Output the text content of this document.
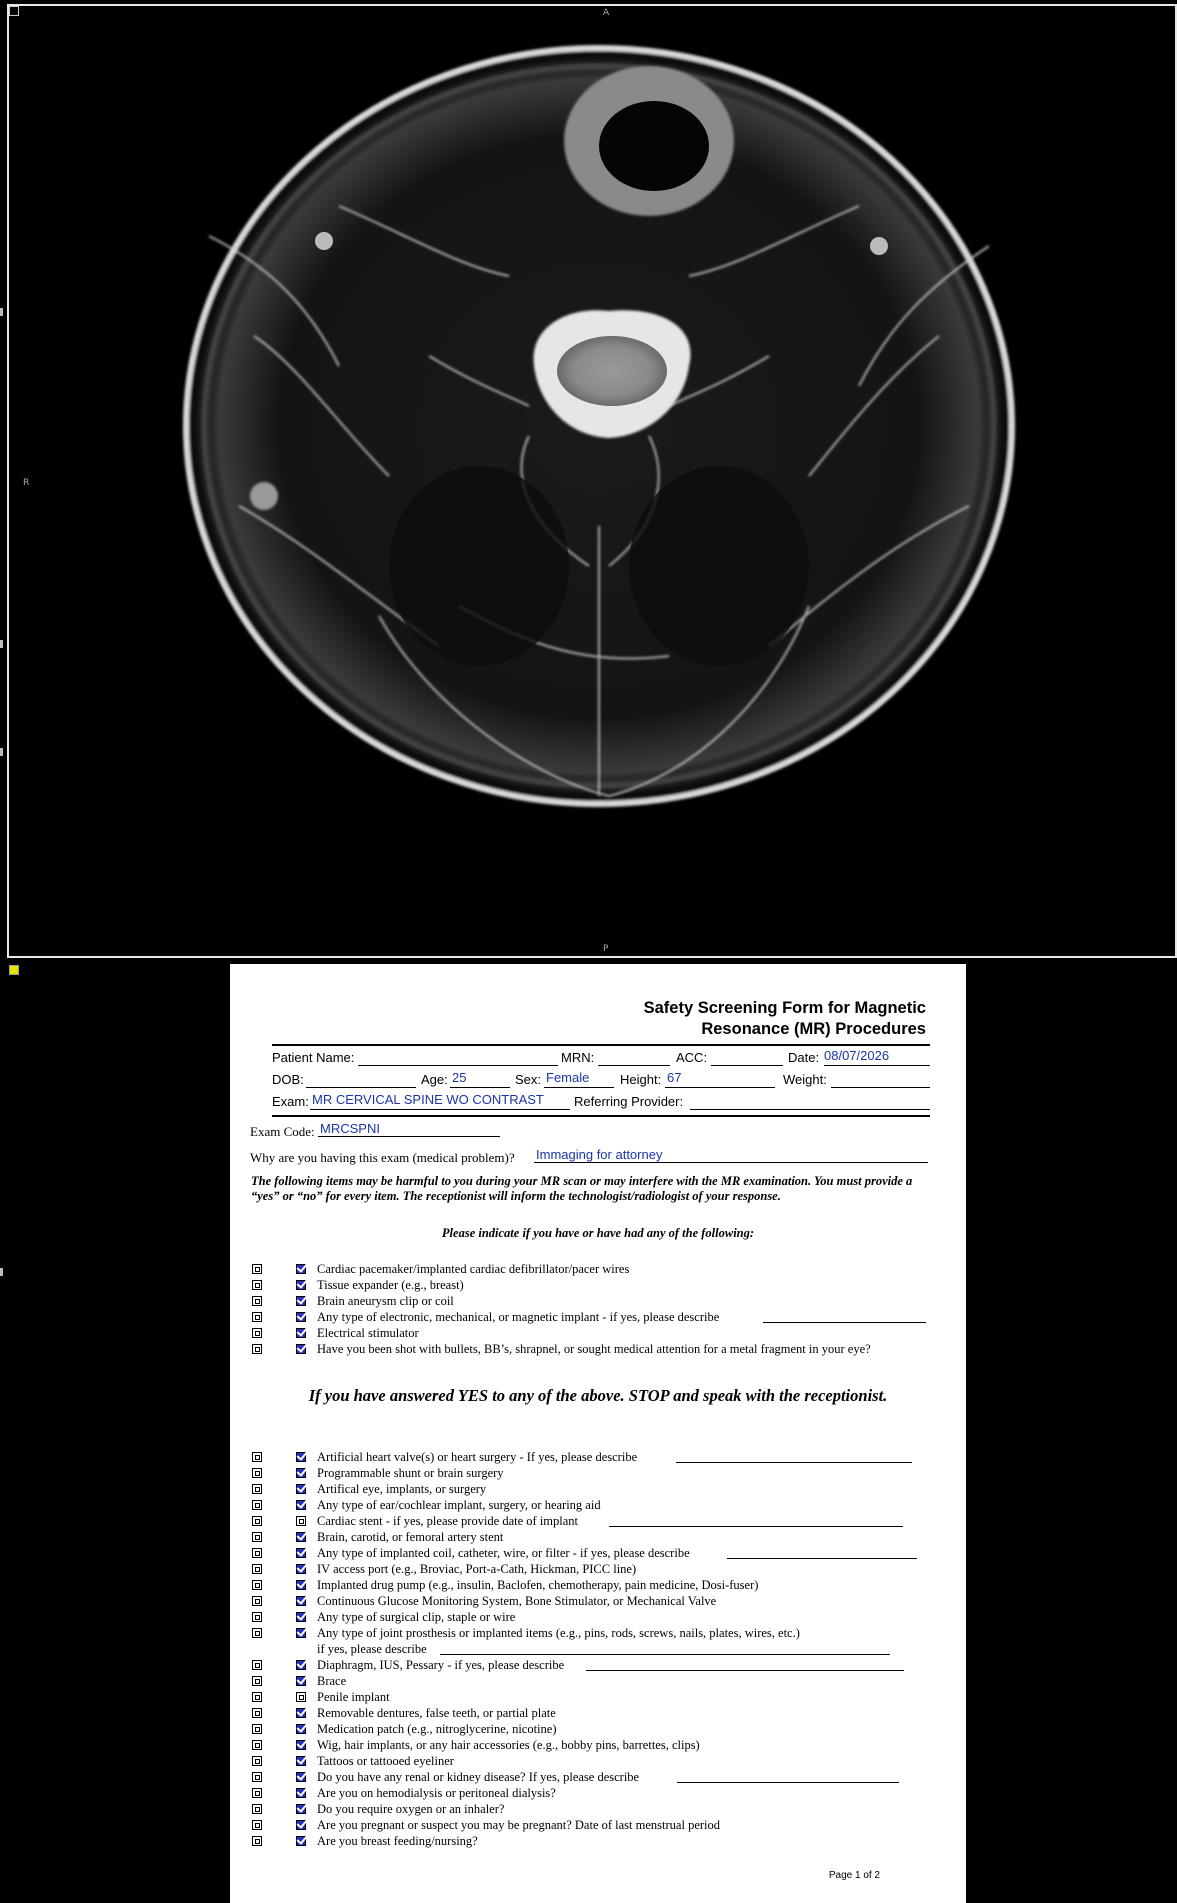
A
R
P
Safety Screening Form for Magnetic
Resonance (MR) Procedures
Patient Name:	MRN:	ACC:	Date: 08/07/2026
DOB:	Age: 25	Sex: Female Height: 67	Weight:
Exam: MR CERVICAL SPINE WO CONTRAST Referring Provider:
Exam Code: MRCSPNI
Why are you having this exam (medical problem)? Immaging for attorney
The following items may be harmful to you during your MR scan or may interfere with the MR examination. You must provide a “yes” or “no” for every item. The receptionist will inform the technologist/radiologist of your response.
Please indicate if you have or have had any of the following:
Cardiac pacemaker/implanted cardiac defibrillator/pacer wires
Tissue expander (e.g., breast)
Brain aneurysm clip or coil
Any type of electronic, mechanical, or magnetic implant - if yes, please describe
Electrical stimulator
Have you been shot with bullets, BB’s, shrapnel, or sought medical attention for a metal fragment in your eye?
If you have answered YES to any of the above. STOP and speak with the receptionist.
Artificial heart valve(s) or heart surgery - If yes, please describe
Programmable shunt or brain surgery
Artifical eye, implants, or surgery
Any type of ear/cochlear implant, surgery, or hearing aid
Cardiac stent - if yes, please provide date of implant
Brain, carotid, or femoral artery stent
Any type of implanted coil, catheter, wire, or filter - if yes, please describe
IV access port (e.g., Broviac, Port-a-Cath, Hickman, PICC line)
Implanted drug pump (e.g., insulin, Baclofen, chemotherapy, pain medicine, Dosi-fuser)
Continuous Glucose Monitoring System, Bone Stimulator, or Mechanical Valve
Any type of surgical clip, staple or wire
Any type of joint prosthesis or implanted items (e.g., pins, rods, screws, nails, plates, wires, etc.)
if yes, please describe
Diaphragm, IUS, Pessary - if yes, please describe
Brace
Penile implant
Removable dentures, false teeth, or partial plate
Medication patch (e.g., nitroglycerine, nicotine)
Wig, hair implants, or any hair accessories (e.g., bobby pins, barrettes, clips)
Tattoos or tattooed eyeliner
Do you have any renal or kidney disease? If yes, please describe
Are you on hemodialysis or peritoneal dialysis?
Do you require oxygen or an inhaler?
Are you pregnant or suspect you may be pregnant? Date of last menstrual period
Are you breast feeding/nursing?
Page 1 of 2
